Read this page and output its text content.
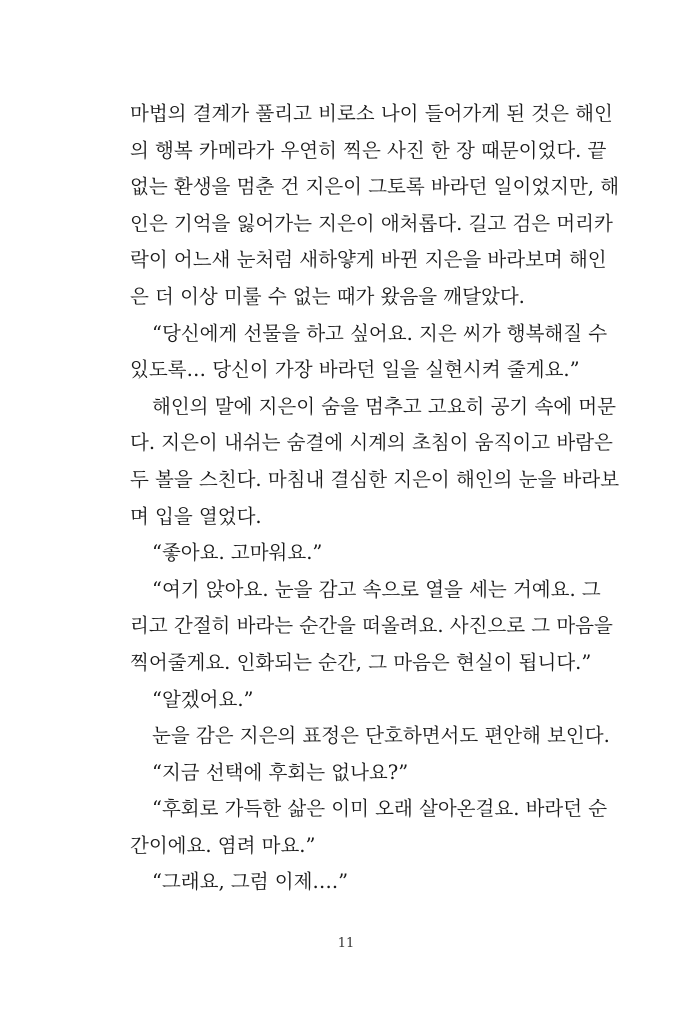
마법의 결계가 풀리고 비로소 나이 들어가게 된 것은 해인
의 행복 카메라가 우연히 찍은 사진 한 장 때문이었다. 끝
없는 환생을 멈춘 건 지은이 그토록 바라던 일이었지만, 해
인은 기억을 잃어가는 지은이 애처롭다. 길고 검은 머리카
락이 어느새 눈처럼 새하얗게 바뀐 지은을 바라보며 해인
은 더 이상 미룰 수 없는 때가 왔음을 깨달았다.
“당신에게 선물을 하고 싶어요. 지은 씨가 행복해질 수
있도록… 당신이 가장 바라던 일을 실현시켜 줄게요.”
해인의 말에 지은이 숨을 멈추고 고요히 공기 속에 머문
다. 지은이 내쉬는 숨결에 시계의 초침이 움직이고 바람은
두 볼을 스친다. 마침내 결심한 지은이 해인의 눈을 바라보
며 입을 열었다.
“좋아요. 고마워요.”
“여기 앉아요. 눈을 감고 속으로 열을 세는 거예요. 그
리고 간절히 바라는 순간을 떠올려요. 사진으로 그 마음을
찍어줄게요. 인화되는 순간, 그 마음은 현실이 됩니다.”
“알겠어요.”
눈을 감은 지은의 표정은 단호하면서도 편안해 보인다.
“지금 선택에 후회는 없나요?”
“후회로 가득한 삶은 이미 오래 살아온걸요. 바라던 순
간이에요. 염려 마요.”
“그래요, 그럼 이제….”
11
